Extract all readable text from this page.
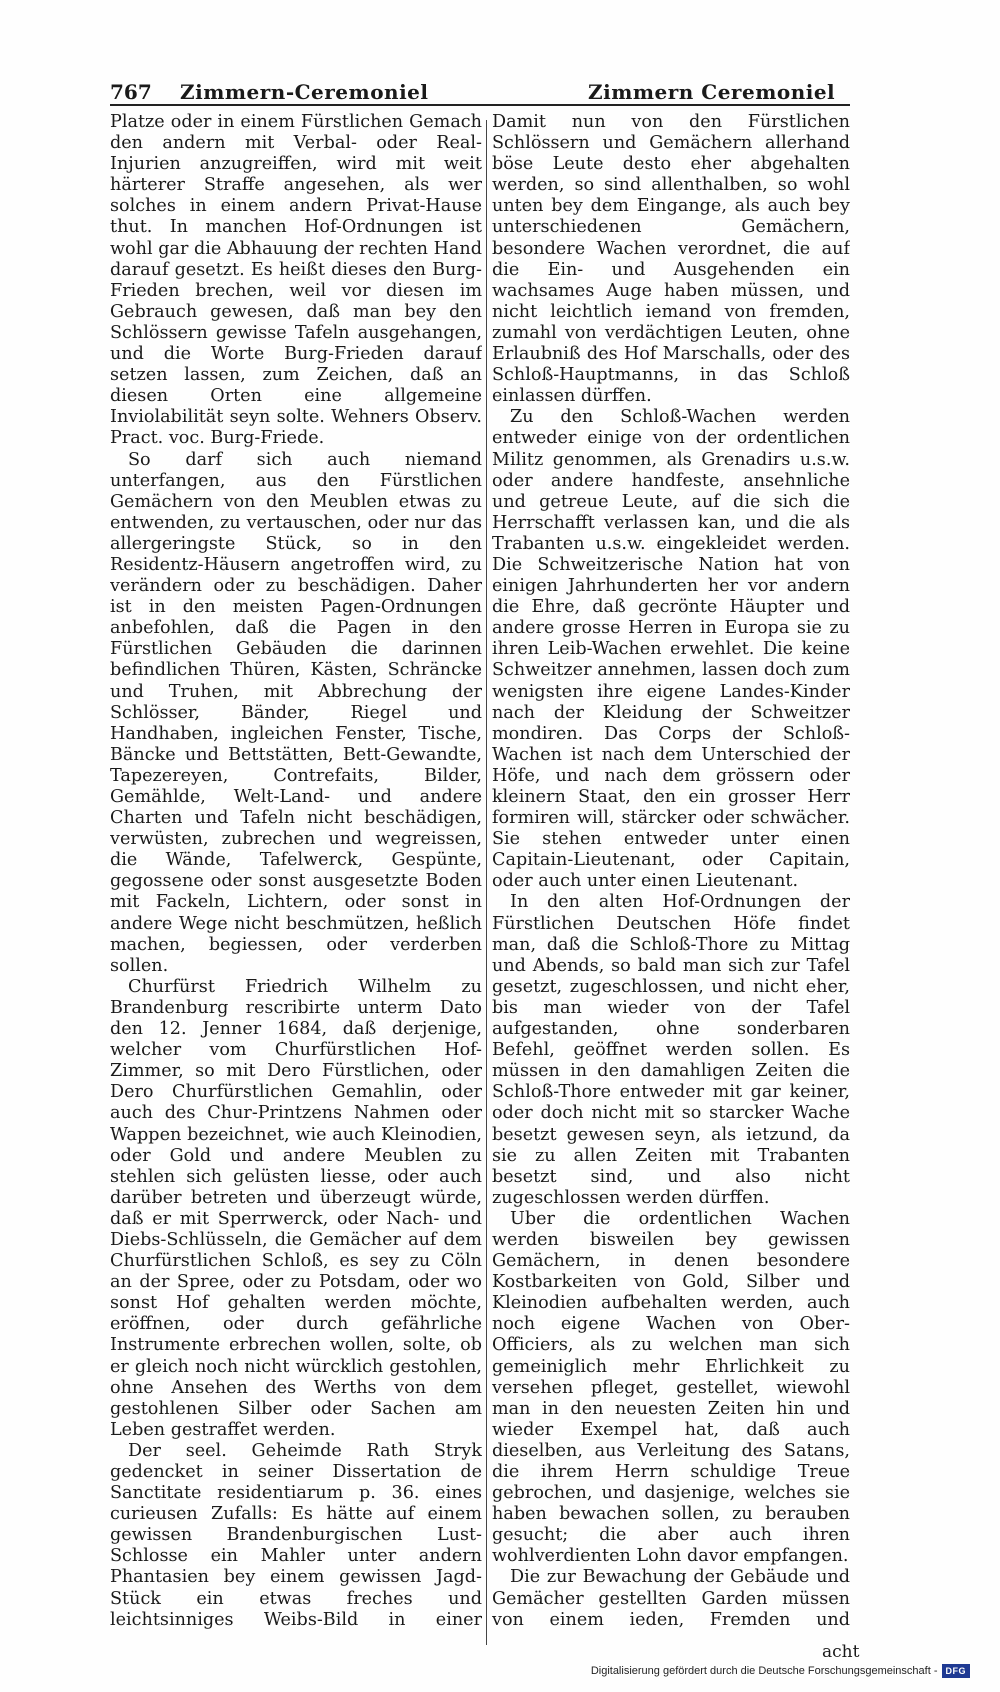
767 Zimmern-Ceremoniel	Zimmern Ceremoniel

Platze oder in einem Fürstlichen Gemach den andern mit Verbal- oder Real-Injurien anzugreiffen, wird mit weit härterer Straffe angesehen, als wer solches in einem andern Privat-Hause thut. In manchen Hof-Ordnungen ist wohl gar die Abhauung der rechten Hand darauf gesetzt. Es heißt dieses den Burg-Frieden brechen, weil vor diesen im Gebrauch gewesen, daß man bey den Schlössern gewisse Tafeln ausgehangen, und die Worte Burg-Frieden darauf setzen lassen, zum Zeichen, daß an diesen Orten eine allgemeine Inviolabilität seyn solte. Wehners Observ. Pract. voc. Burg-Friede.

So darf sich auch niemand unterfangen, aus den Fürstlichen Gemächern von den Meublen etwas zu entwenden, zu vertauschen, oder nur das allergeringste Stück, so in den Residentz-Häusern angetroffen wird, zu verändern oder zu beschädigen. Daher ist in den meisten Pagen-Ordnungen anbefohlen, daß die Pagen in den Fürstlichen Gebäuden die darinnen befindlichen Thüren, Kästen, Schräncke und Truhen, mit Abbrechung der Schlösser, Bänder, Riegel und Handhaben, ingleichen Fenster, Tische, Bäncke und Bettstätten, Bett-Gewandte, Tapezereyen, Contrefaits, Bilder, Gemählde, Welt-Land- und andere Charten und Tafeln nicht beschädigen, verwüsten, zubrechen und wegreissen, die Wände, Tafelwerck, Gespünte, gegossene oder sonst ausgesetzte Boden mit Fackeln, Lichtern, oder sonst in andere Wege nicht beschmützen, heßlich machen, begiessen, oder verderben sollen.

Churfürst Friedrich Wilhelm zu Brandenburg rescribirte unterm Dato den 12. Jenner 1684, daß derjenige, welcher vom Churfürstlichen Hof-Zimmer, so mit Dero Fürstlichen, oder Dero Churfürstlichen Gemahlin, oder auch des Chur-Printzens Nahmen oder Wappen bezeichnet, wie auch Kleinodien, oder Gold und andere Meublen zu stehlen sich gelüsten liesse, oder auch darüber betreten und überzeugt würde, daß er mit Sperrwerck, oder Nach- und Diebs-Schlüsseln, die Gemächer auf dem Churfürstlichen Schloß, es sey zu Cöln an der Spree, oder zu Potsdam, oder wo sonst Hof gehalten werden möchte, eröffnen, oder durch gefährliche Instrumente erbrechen wollen, solte, ob er gleich noch nicht würcklich gestohlen, ohne Ansehen des Werths von dem gestohlenen Silber oder Sachen am Leben gestraffet werden.

Der seel. Geheimde Rath Stryk gedencket in seiner Dissertation de Sanctitate residentiarum p. 36. eines curieusen Zufalls: Es hätte auf einem gewissen Brandenburgischen Lust-Schlosse ein Mahler unter andern Phantasien bey einem gewissen Jagd-Stück ein etwas freches und leichtsinniges Weibs-Bild in einer

Damit nun von den Fürstlichen Schlössern und Gemächern allerhand böse Leute desto eher abgehalten werden, so sind allenthalben, so wohl unten bey dem Eingange, als auch bey unterschiedenen Gemächern, besondere Wachen verordnet, die auf die Ein- und Ausgehenden ein wachsames Auge haben müssen, und nicht leichtlich iemand von fremden, zumahl von verdächtigen Leuten, ohne Erlaubniß des Hof Marschalls, oder des Schloß-Hauptmanns, in das Schloß einlassen dürffen.

Zu den Schloß-Wachen werden entweder einige von der ordentlichen Militz genommen, als Grenadirs u.s.w. oder andere handfeste, ansehnliche und getreue Leute, auf die sich die Herrschafft verlassen kan, und die als Trabanten u.s.w. eingekleidet werden. Die Schweitzerische Nation hat von einigen Jahrhunderten her vor andern die Ehre, daß gecrönte Häupter und andere grosse Herren in Europa sie zu ihren Leib-Wachen erwehlet. Die keine Schweitzer annehmen, lassen doch zum wenigsten ihre eigene Landes-Kinder nach der Kleidung der Schweitzer mondiren. Das Corps der Schloß-Wachen ist nach dem Unterschied der Höfe, und nach dem grössern oder kleinern Staat, den ein grosser Herr formiren will, stärcker oder schwächer. Sie stehen entweder unter einen Capitain-Lieutenant, oder Capitain, oder auch unter einen Lieutenant.

In den alten Hof-Ordnungen der Fürstlichen Deutschen Höfe findet man, daß die Schloß-Thore zu Mittag und Abends, so bald man sich zur Tafel gesetzt, zugeschlossen, und nicht eher, bis man wieder von der Tafel aufgestanden, ohne sonderbaren Befehl, geöffnet werden sollen. Es müssen in den damahligen Zeiten die Schloß-Thore entweder mit gar keiner, oder doch nicht mit so starcker Wache besetzt gewesen seyn, als ietzund, da sie zu allen Zeiten mit Trabanten besetzt sind, und also nicht zugeschlossen werden dürffen.

Uber die ordentlichen Wachen werden bisweilen bey gewissen Gemächern, in denen besondere Kostbarkeiten von Gold, Silber und Kleinodien aufbehalten werden, auch noch eigene Wachen von Ober-Officiers, als zu welchen man sich gemeiniglich mehr Ehrlichkeit zu versehen pfleget, gestellet, wiewohl man in den neuesten Zeiten hin und wieder Exempel hat, daß auch dieselben, aus Verleitung des Satans, die ihrem Herrn schuldige Treue gebrochen, und dasjenige, welches sie haben bewachen sollen, zu berauben gesucht; die aber auch ihren wohlverdienten Lohn davor empfangen.

Die zur Bewachung der Gebäude und Gemächer gestellten Garden müssen von einem ieden, Fremden und

acht
Digitalisierung gefördert durch die Deutsche Forschungsgemeinschaft - DFG
